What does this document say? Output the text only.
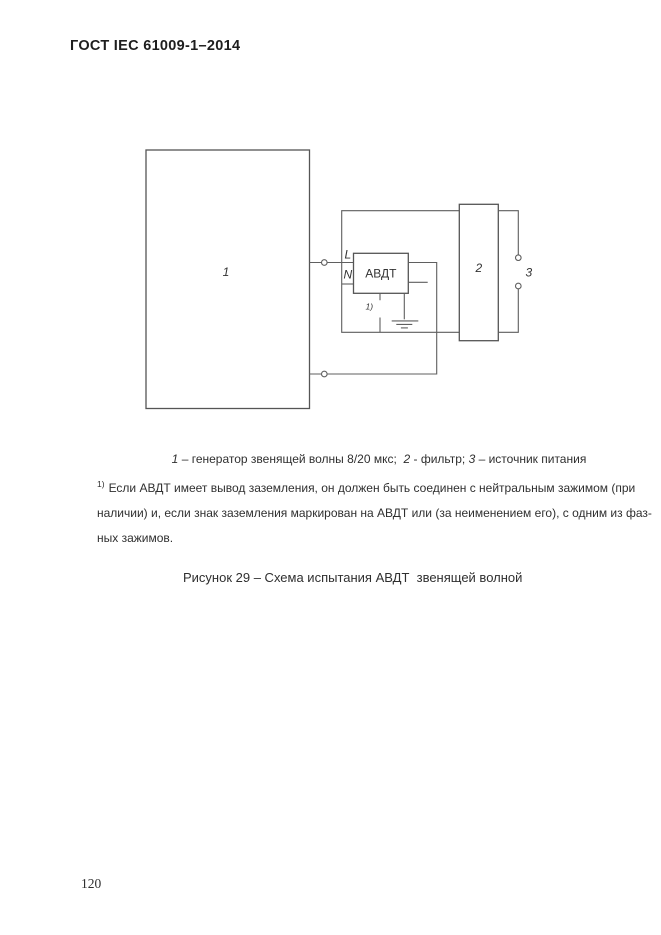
ГОСТ IEC 61009-1–2014
1
L
N АВДТ
1)
2	3

1 – генератор звенящей волны 8/20 мкс;  2 - фильтр; 3 – источник питания

$^{1)}$ Если АВДТ имеет вывод заземления, он должен быть соединен с нейтральным зажимом (при
наличии) и, если знак заземления маркирован на АВДТ или (за неименением его), с одним из фаз-
ных зажимов.
Рисунок 29 – Схема испытания АВДТ  звенящей волной
120
